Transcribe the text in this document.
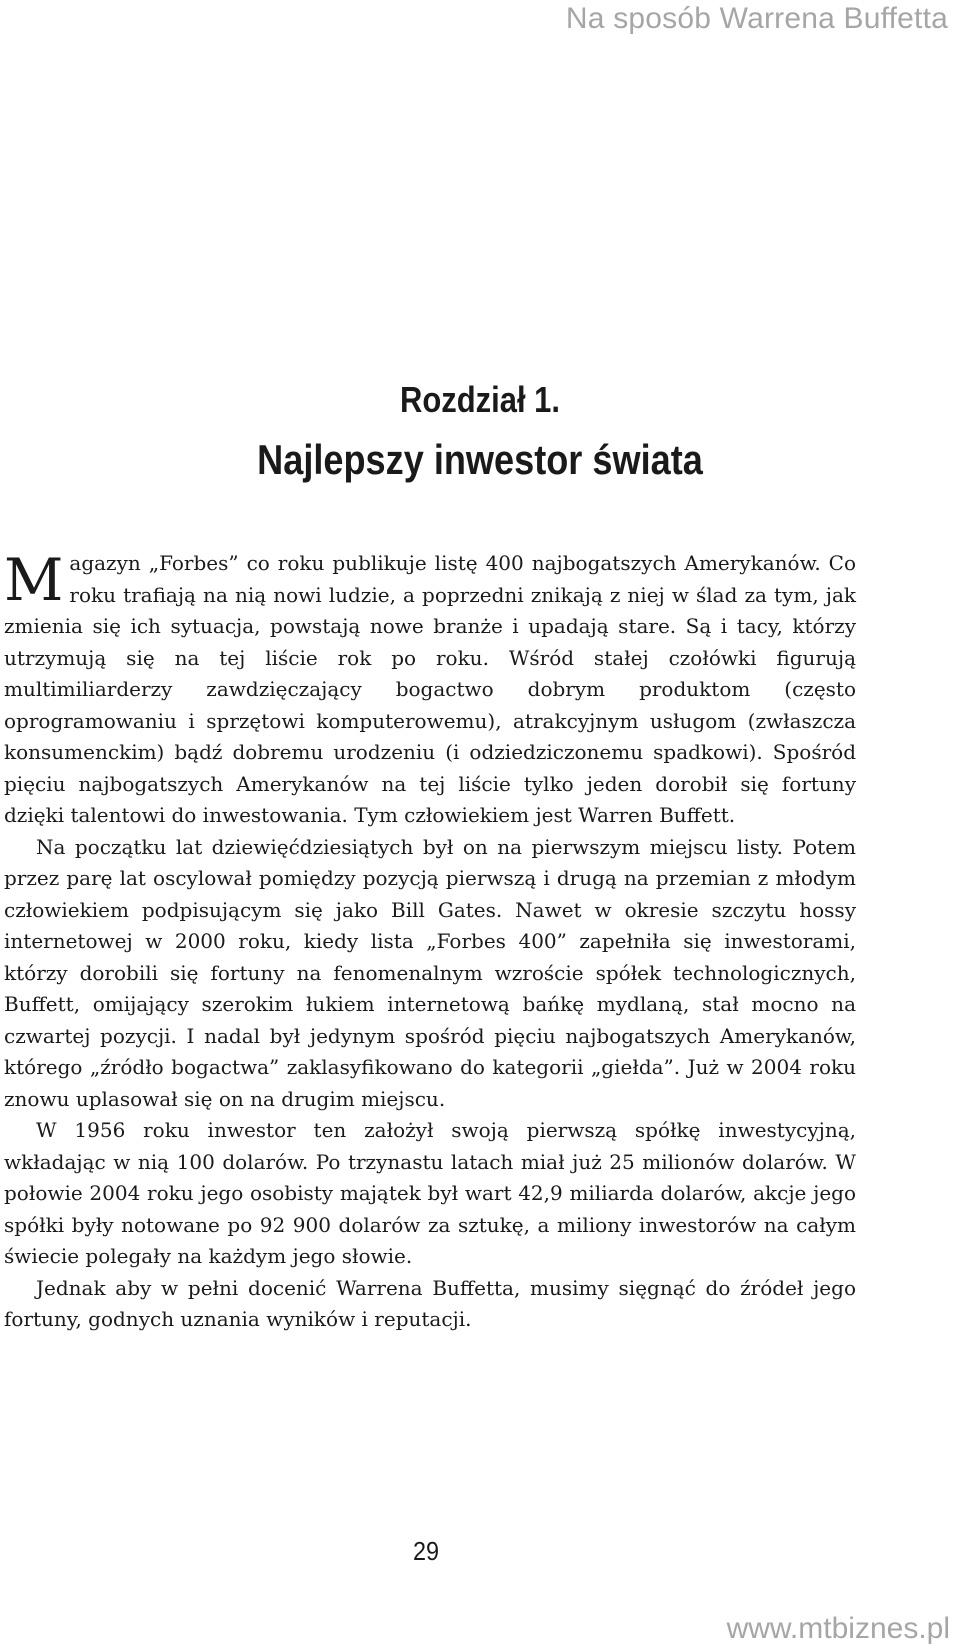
Na sposób Warrena Buffetta
Rozdział 1.
Najlepszy inwestor świata

Magazyn „Forbes” co roku publikuje listę 400 najbogatszych Amerykanów. Co roku trafiają na nią nowi ludzie, a poprzedni znikają z niej w ślad za tym, jak zmienia się ich sytuacja, powstają nowe branże i upadają stare. Są i tacy, którzy utrzymują się na tej liście rok po roku. Wśród stałej czołówki figurują multimiliarderzy zawdzięczający bogactwo dobrym produktom (często oprogramowaniu i sprzętowi komputerowemu), atrakcyjnym usługom (zwłaszcza konsumenckim) bądź dobremu urodzeniu (i odziedziczonemu spadkowi). Spośród pięciu najbogatszych Amerykanów na tej liście tylko jeden dorobił się fortuny dzięki talentowi do inwestowania. Tym człowiekiem jest Warren Buffett.

Na początku lat dziewięćdziesiątych był on na pierwszym miejscu listy. Potem przez parę lat oscylował pomiędzy pozycją pierwszą i drugą na przemian z młodym człowiekiem podpisującym się jako Bill Gates. Nawet w okresie szczytu hossy internetowej w 2000 roku, kiedy lista „Forbes 400” zapełniła się inwestorami, którzy dorobili się fortuny na fenomenalnym wzroście spółek technologicznych, Buffett, omijający szerokim łukiem internetową bańkę mydlaną, stał mocno na czwartej pozycji. I nadal był jedynym spośród pięciu najbogatszych Amerykanów, którego „źródło bogactwa” zaklasyfikowano do kategorii „giełda”. Już w 2004 roku znowu uplasował się on na drugim miejscu.

W 1956 roku inwestor ten założył swoją pierwszą spółkę inwestycyjną, wkładając w nią 100 dolarów. Po trzynastu latach miał już 25 milionów dolarów. W połowie 2004 roku jego osobisty majątek był wart 42,9 miliarda dolarów, akcje jego spółki były notowane po 92 900 dolarów za sztukę, a miliony inwestorów na całym świecie polegały na każdym jego słowie.

Jednak aby w pełni docenić Warrena Buffetta, musimy sięgnąć do źródeł jego fortuny, godnych uznania wyników i reputacji.

29
www.mtbiznes.pl
